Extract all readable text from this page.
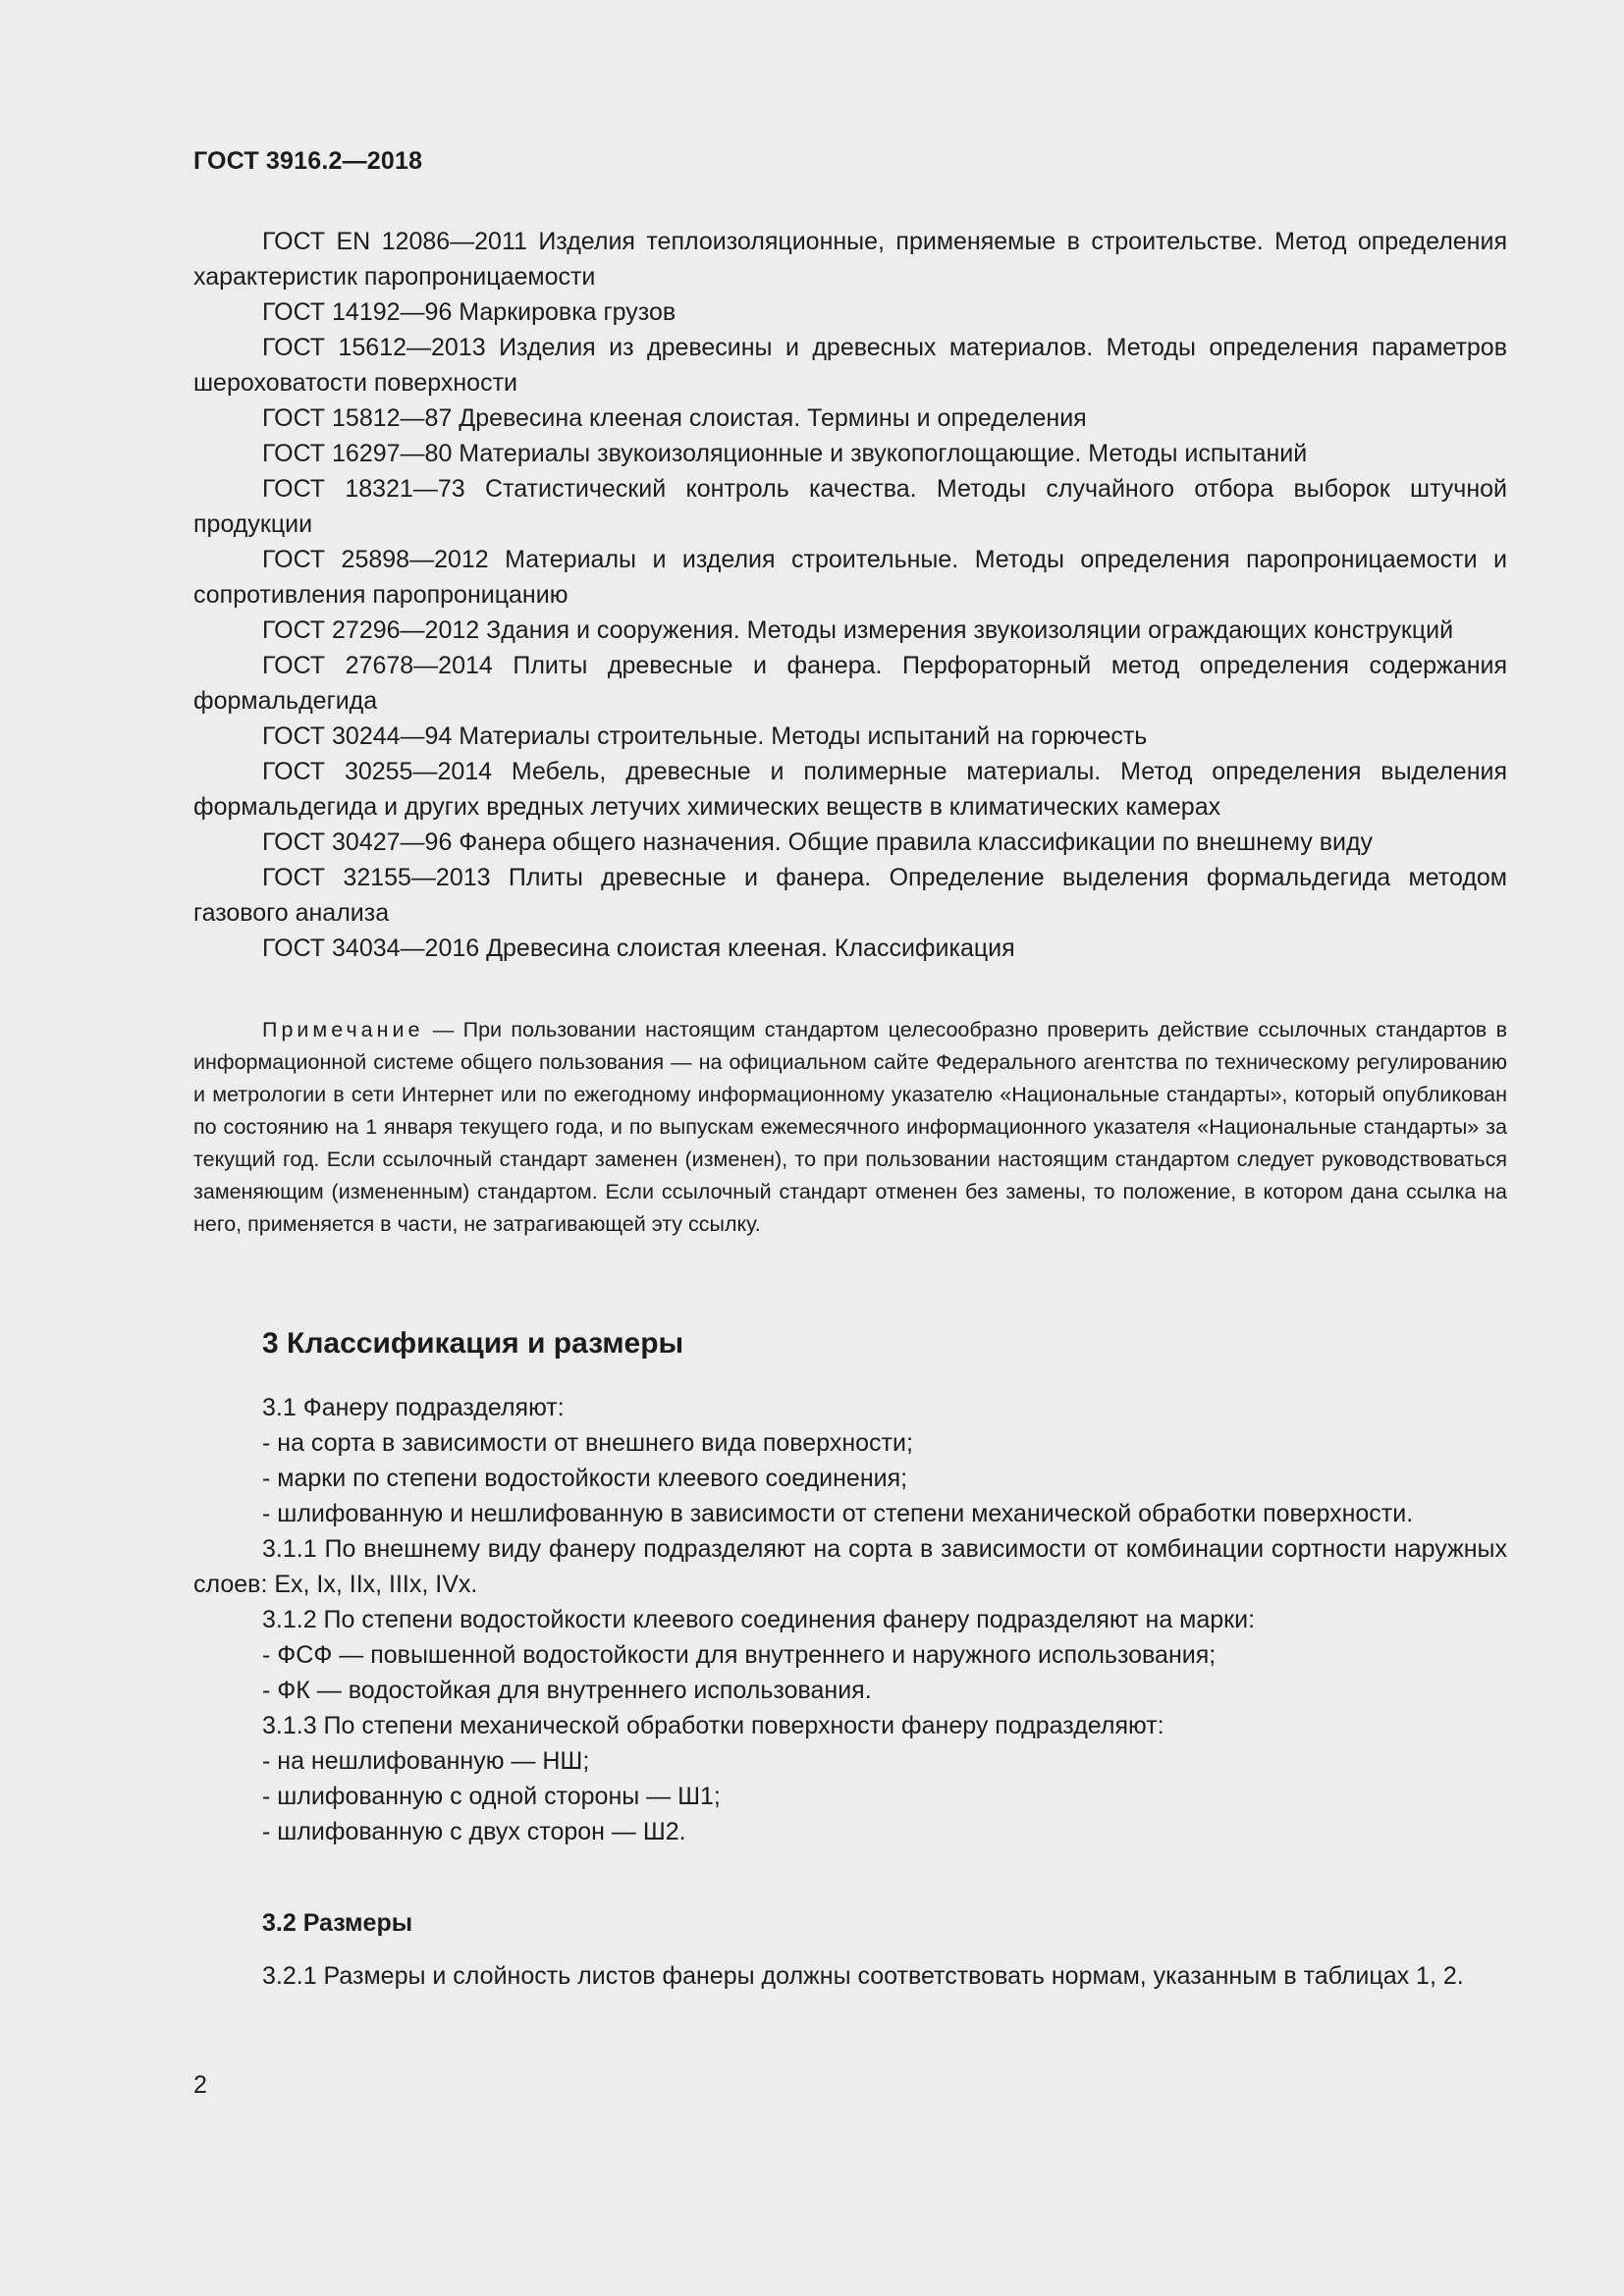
ГОСТ 3916.2—2018

ГОСТ EN 12086—2011 Изделия теплоизоляционные, применяемые в строительстве. Метод определения характеристик паропроницаемости

ГОСТ 14192—96 Маркировка грузов

ГОСТ 15612—2013 Изделия из древесины и древесных материалов. Методы определения параметров шероховатости поверхности

ГОСТ 15812—87 Древесина клееная слоистая. Термины и определения

ГОСТ 16297—80 Материалы звукоизоляционные и звукопоглощающие. Методы испытаний

ГОСТ 18321—73 Статистический контроль качества. Методы случайного отбора выборок штучной продукции

ГОСТ 25898—2012 Материалы и изделия строительные. Методы определения паропроницаемости и сопротивления паропроницанию

ГОСТ 27296—2012 Здания и сооружения. Методы измерения звукоизоляции ограждающих конструкций

ГОСТ 27678—2014 Плиты древесные и фанера. Перфораторный метод определения содержания формальдегида

ГОСТ 30244—94 Материалы строительные. Методы испытаний на горючесть

ГОСТ 30255—2014 Мебель, древесные и полимерные материалы. Метод определения выделения формальдегида и других вредных летучих химических веществ в климатических камерах

ГОСТ 30427—96 Фанера общего назначения. Общие правила классификации по внешнему виду

ГОСТ 32155—2013 Плиты древесные и фанера. Определение выделения формальдегида методом газового анализа

ГОСТ 34034—2016 Древесина слоистая клееная. Классификация

Примечание — При пользовании настоящим стандартом целесообразно проверить действие ссылочных стандартов в информационной системе общего пользования — на официальном сайте Федерального агентства по техническому регулированию и метрологии в сети Интернет или по ежегодному информационному указателю «Национальные стандарты», который опубликован по состоянию на 1 января текущего года, и по выпускам ежемесячного информационного указателя «Национальные стандарты» за текущий год. Если ссылочный стандарт заменен (изменен), то при пользовании настоящим стандартом следует руководствоваться заменяющим (измененным) стандартом. Если ссылочный стандарт отменен без замены, то положение, в котором дана ссылка на него, применяется в части, не затрагивающей эту ссылку.

3 Классификация и размеры

3.1 Фанеру подразделяют:

- на сорта в зависимости от внешнего вида поверхности;

- марки по степени водостойкости клеевого соединения;

- шлифованную и нешлифованную в зависимости от степени механической обработки поверхности.

3.1.1 По внешнему виду фанеру подразделяют на сорта в зависимости от комбинации сортности наружных слоев: Ex, Ix, IIx, IIIx, IVx.

3.1.2 По степени водостойкости клеевого соединения фанеру подразделяют на марки:

- ФСФ — повышенной водостойкости для внутреннего и наружного использования;

- ФК — водостойкая для внутреннего использования.

3.1.3 По степени механической обработки поверхности фанеру подразделяют:

- на нешлифованную — НШ;

- шлифованную с одной стороны — Ш1;

- шлифованную с двух сторон — Ш2.

3.2 Размеры

3.2.1 Размеры и слойность листов фанеры должны соответствовать нормам, указанным в таблицах 1, 2.

2
